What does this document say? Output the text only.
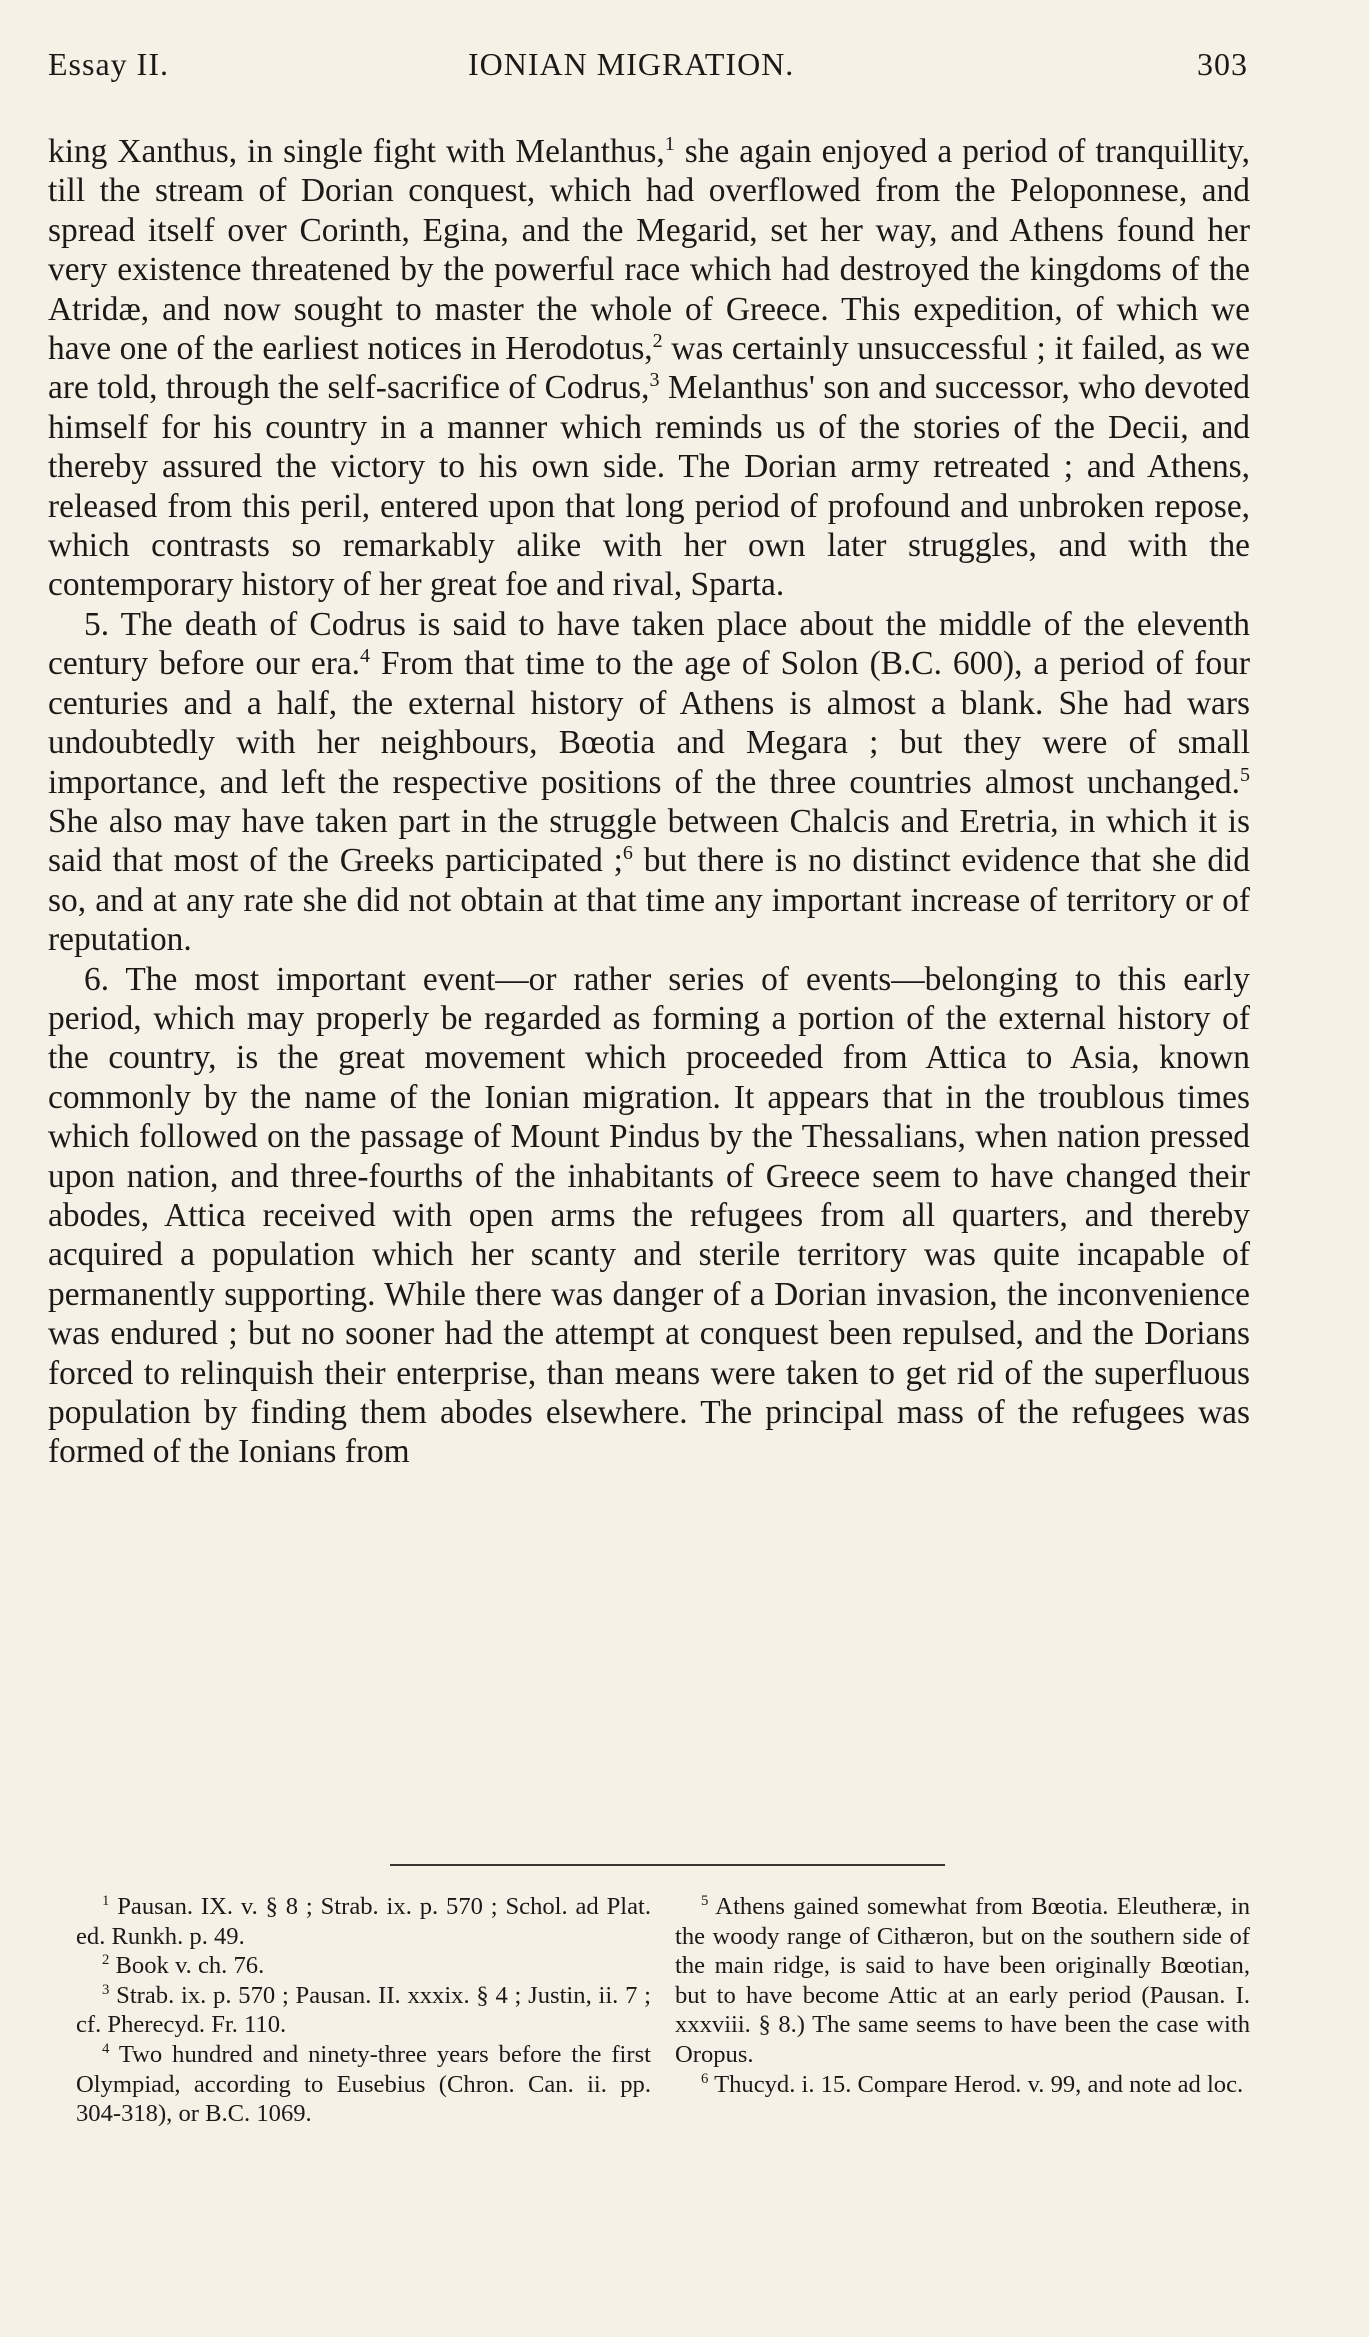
Essay II.	IONIAN MIGRATION.	303

king Xanthus, in single fight with Melanthus,$^1$ she again enjoyed a period of tranquillity, till the stream of Dorian conquest, which had overflowed from the Peloponnese, and spread itself over Corinth, Egina, and the Megarid, set her way, and Athens found her very existence threatened by the powerful race which had destroyed the kingdoms of the Atridæ, and now sought to master the whole of Greece. This expedition, of which we have one of the earliest notices in Herodotus,$^2$ was certainly unsuccessful ; it failed, as we are told, through the self-sacrifice of Codrus,$^3$ Melanthus' son and successor, who devoted himself for his country in a manner which reminds us of the stories of the Decii, and thereby assured the victory to his own side. The Dorian army retreated ; and Athens, released from this peril, entered upon that long period of profound and unbroken repose, which contrasts so remarkably alike with her own later struggles, and with the contemporary history of her great foe and rival, Sparta.

5. The death of Codrus is said to have taken place about the middle of the eleventh century before our era.$^4$ From that time to the age of Solon (B.C. 600), a period of four centuries and a half, the external history of Athens is almost a blank. She had wars undoubtedly with her neighbours, Bœotia and Megara ; but they were of small importance, and left the respective positions of the three countries almost unchanged.$^5$ She also may have taken part in the struggle between Chalcis and Eretria, in which it is said that most of the Greeks participated ;$^6$ but there is no distinct evidence that she did so, and at any rate she did not obtain at that time any important increase of territory or of reputation.

6. The most important event—or rather series of events—belonging to this early period, which may properly be regarded as forming a portion of the external history of the country, is the great movement which proceeded from Attica to Asia, known commonly by the name of the Ionian migration. It appears that in the troublous times which followed on the passage of Mount Pindus by the Thessalians, when nation pressed upon nation, and three-fourths of the inhabitants of Greece seem to have changed their abodes, Attica received with open arms the refugees from all quarters, and thereby acquired a population which her scanty and sterile territory was quite incapable of permanently supporting. While there was danger of a Dorian invasion, the inconvenience was endured ; but no sooner had the attempt at conquest been repulsed, and the Dorians forced to relinquish their enterprise, than means were taken to get rid of the superfluous population by finding them abodes elsewhere. The principal mass of the refugees was formed of the Ionians from

$^1$ Pausan. IX. v. § 8 ; Strab. ix. p. 570 ; Schol. ad Plat. ed. Runkh. p. 49.

$^2$ Book v. ch. 76.

$^3$ Strab. ix. p. 570 ; Pausan. II. xxxix. § 4 ; Justin, ii. 7 ; cf. Pherecyd. Fr. 110.

$^4$ Two hundred and ninety-three years before the first Olympiad, according to Eusebius (Chron. Can. ii. pp. 304-318), or B.C. 1069.

$^5$ Athens gained somewhat from Bœotia. Eleutheræ, in the woody range of Cithæron, but on the southern side of the main ridge, is said to have been originally Bœotian, but to have become Attic at an early period (Pausan. I. xxxviii. § 8.) The same seems to have been the case with Oropus.

$^6$ Thucyd. i. 15. Compare Herod. v. 99, and note ad loc.
